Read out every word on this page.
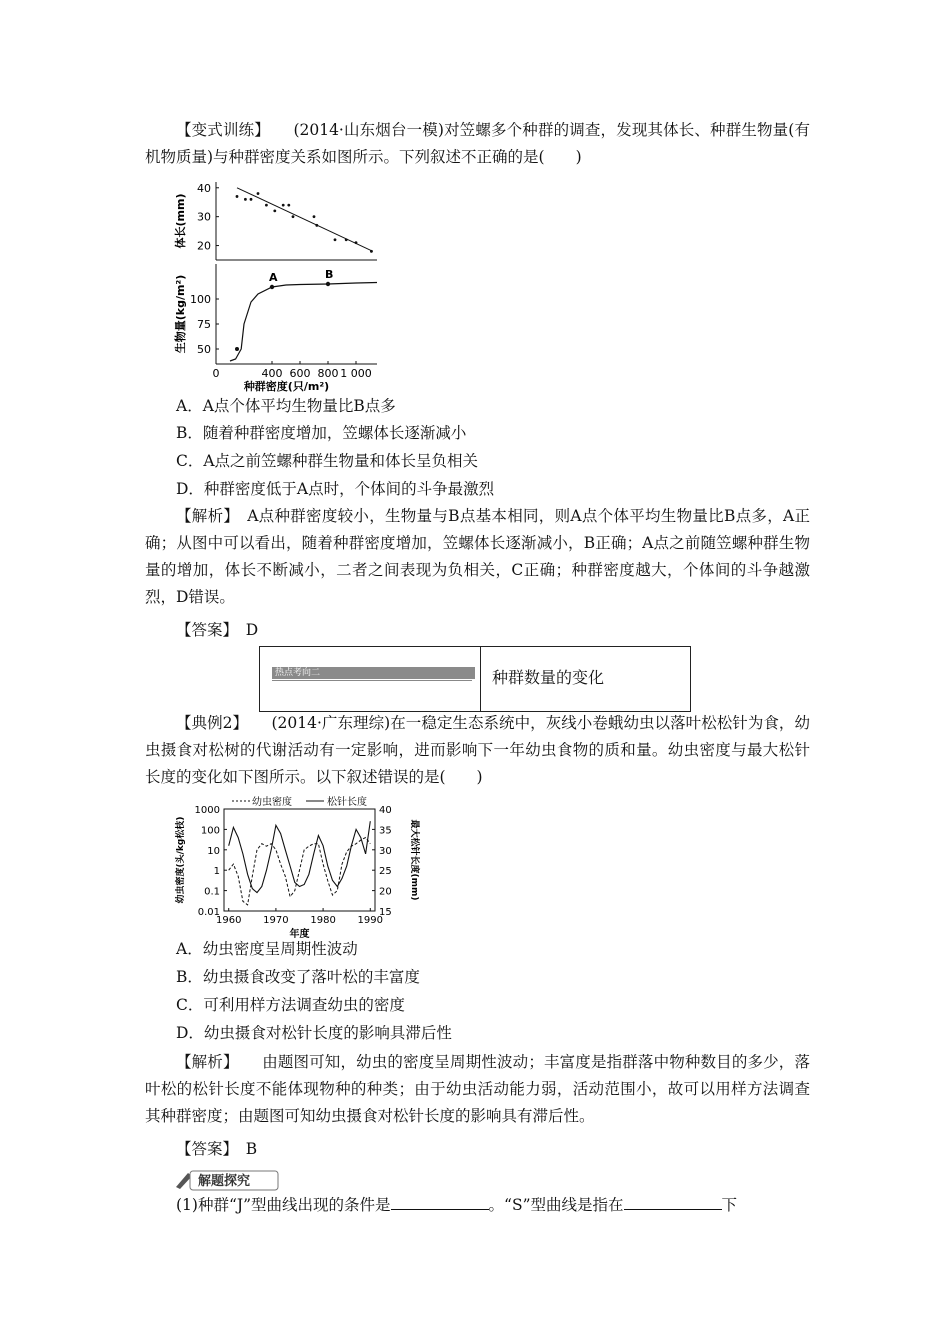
【变式训练】　　 (2014·山东烟台一模)对笠螺多个种群的调查，发现其体长、种群生物量(有机物质量)与种群密度关系如图所示。下列叙述不正确的是(　　)
20
30
40
体长(mm)
50
75
100
0	400 600 800 1 000
种群密度(只/m²)
生物量(kg/m²)	A	B
A．A点个体平均生物量比B点多
B．随着种群密度增加，笠螺体长逐渐减小
C．A点之前笠螺种群生物量和体长呈负相关
D．种群密度低于A点时，个体间的斗争最激烈
【解析】　 A点种群密度较小，生物量与B点基本相同，则A点个体平均生物量比B点多，A正确；从图中可以看出，随着种群密度增加，笠螺体长逐渐减小，B正确；A点之前随笠螺种群生物量的增加，体长不断减小，二者之间表现为负相关，C正确；种群密度越大，个体间的斗争越激烈，D错误。
【答案】　 D
热点考向二	种群数量的变化
【典例2】　　 (2014·广东理综)在一稳定生态系统中，灰线小卷蛾幼虫以落叶松松针为食，幼虫摄食对松树的代谢活动有一定影响，进而影响下一年幼虫食物的质和量。幼虫密度与最大松针长度的变化如下图所示。以下叙述错误的是(　　)
0.01
0.1
1
10
100
1000
15
20
25
30
35
40
1960 1970 1980 1990
年度
幼虫密度(头/kg松枝)	最大松针长度(mm)
幼虫密度	松针长度
A．幼虫密度呈周期性波动
B．幼虫摄食改变了落叶松的丰富度
C．可利用样方法调查幼虫的密度
D．幼虫摄食对松针长度的影响具滞后性
【解析】　　 由题图可知，幼虫的密度呈周期性波动；丰富度是指群落中物种数目的多少，落叶松的松针长度不能体现物种的种类；由于幼虫活动能力弱，活动范围小，故可以用样方法调查其种群密度；由题图可知幼虫摄食对松针长度的影响具有滞后性。
【答案】　 B
解题探究
(1)种群“J”型曲线出现的条件是	。“S”型曲线是指在	下
